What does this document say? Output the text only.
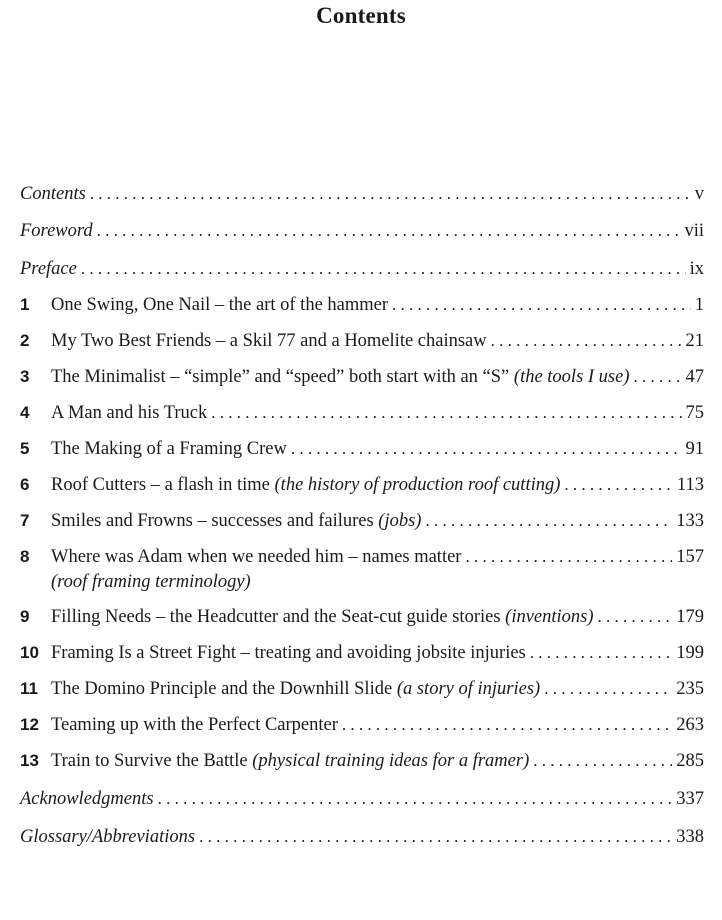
Contents
Contents . . .	v
Foreword . . .	vii
Preface . . .	ix
1	One Swing, One Nail – the art of the hammer . . .	1
2	My Two Best Friends – a Skil 77 and a Homelite chainsaw . . .	21
3	The Minimalist – “simple” and “speed” both start with an “S” (the tools I use) . . .	47
4	A Man and his Truck . . .	75
5	The Making of a Framing Crew . . .	91
6	Roof Cutters – a flash in time (the history of production roof cutting) . . .	113
7	Smiles and Frowns – successes and failures (jobs) . . .	133
8	Where was Adam when we needed him – names matter . . .	157
(roof framing terminology)
9	Filling Needs – the Headcutter and the Seat-cut guide stories (inventions) . . .	179
10 Framing Is a Street Fight – treating and avoiding jobsite injuries . . .	199
11 The Domino Principle and the Downhill Slide (a story of injuries) . . .	235
12 Teaming up with the Perfect Carpenter . . .	263
13 Train to Survive the Battle (physical training ideas for a framer) . . .	285
Acknowledgments . . .	337
Glossary/Abbreviations . . .	338
